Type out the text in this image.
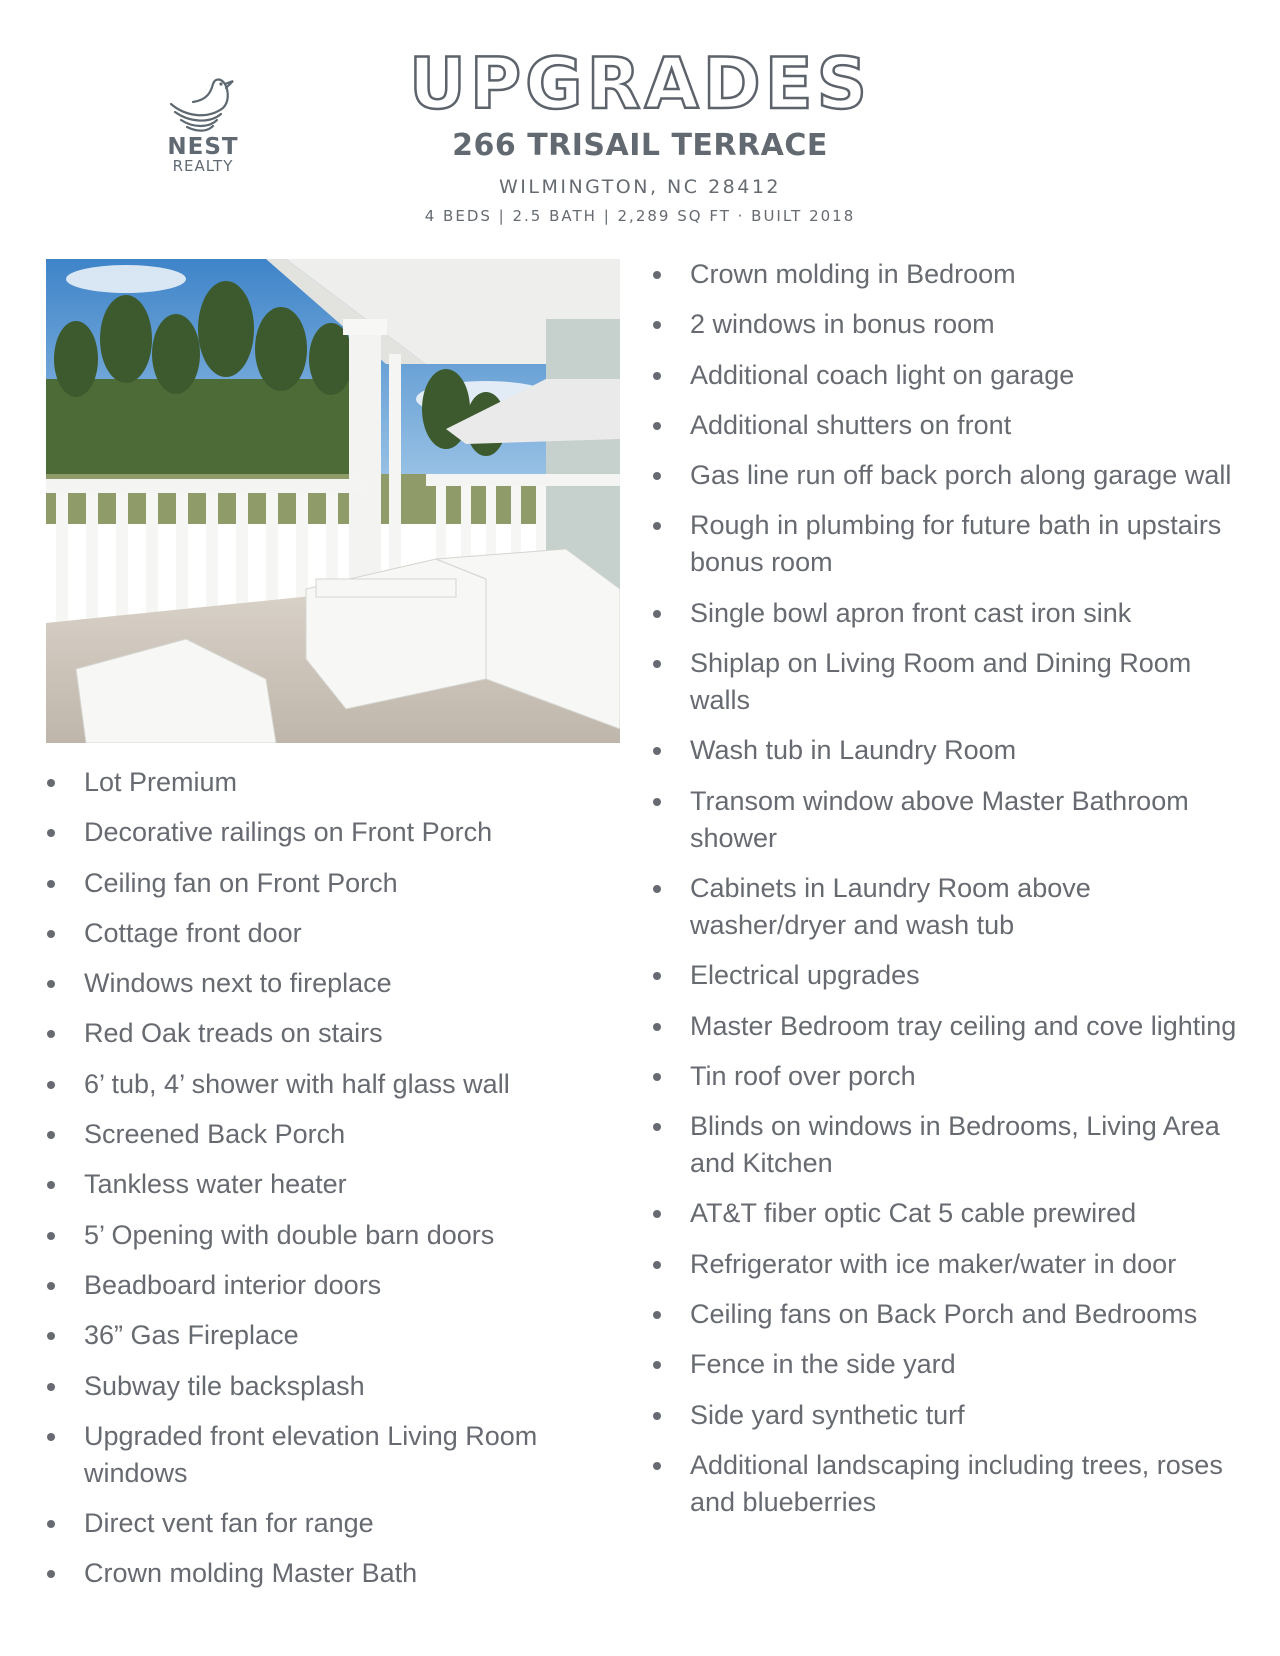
NEST
REALTY
UPGRADES
266 TRISAIL TERRACE
WILMINGTON, NC 28412
4 BEDS | 2.5 BATH | 2,289 SQ FT · BUILT 2018
Lot Premium
Decorative railings on Front Porch
Ceiling fan on Front Porch
Cottage front door
Windows next to fireplace
Red Oak treads on stairs
6’ tub, 4’ shower with half glass wall
Screened Back Porch
Tankless water heater
5’ Opening with double barn doors
Beadboard interior doors
36” Gas Fireplace
Subway tile backsplash
Upgraded front elevation Living Room windows
Direct vent fan for range
Crown molding Master Bath
Crown molding in Bedroom
2 windows in bonus room
Additional coach light on garage
Additional shutters on front
Gas line run off back porch along garage wall
Rough in plumbing for future bath in upstairs bonus room
Single bowl apron front cast iron sink
Shiplap on Living Room and Dining Room walls
Wash tub in Laundry Room
Transom window above Master Bathroom shower
Cabinets in Laundry Room above washer/dryer and wash tub
Electrical upgrades
Master Bedroom tray ceiling and cove lighting
Tin roof over porch
Blinds on windows in Bedrooms, Living Area and Kitchen
AT&T fiber optic Cat 5 cable prewired
Refrigerator with ice maker/water in door
Ceiling fans on Back Porch and Bedrooms
Fence in the side yard
Side yard synthetic turf
Additional landscaping including trees, roses and blueberries
